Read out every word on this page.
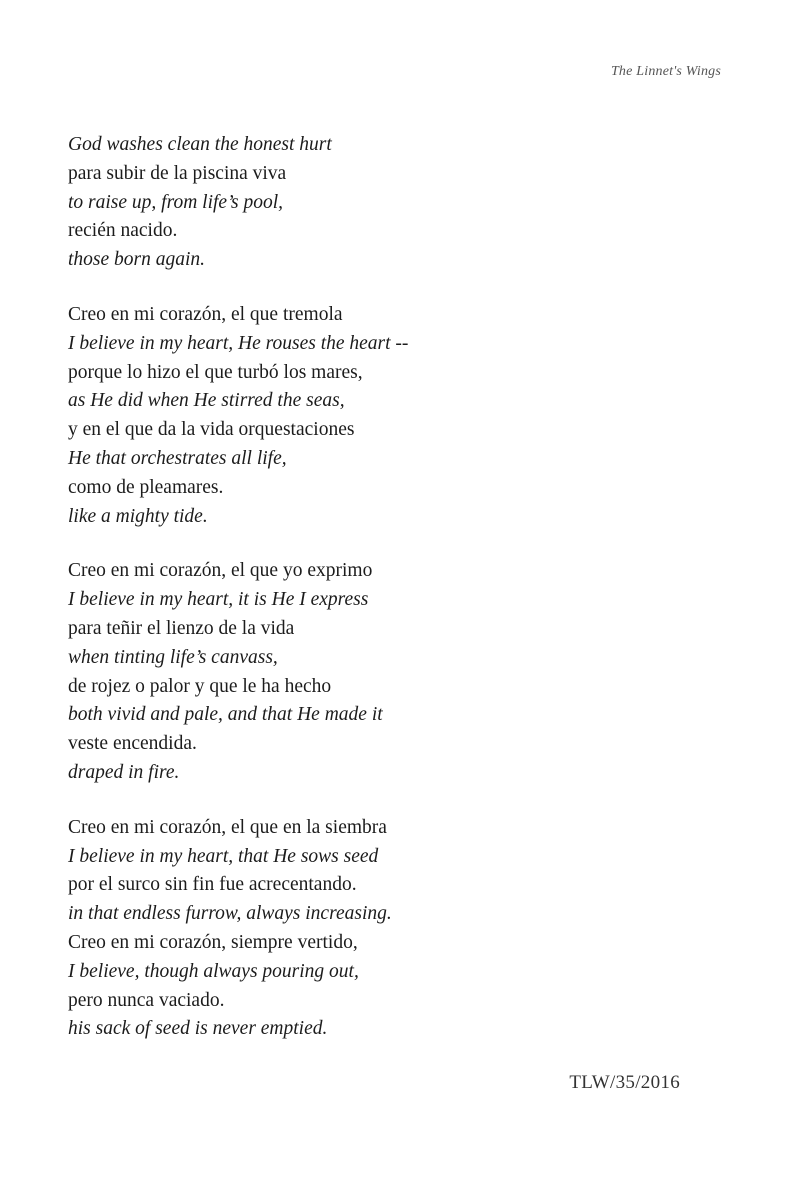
The Linnet's Wings
God washes clean the honest hurt
para subir de la piscina viva
to raise up, from life’s pool,
recién nacido.
those born again.
Creo en mi corazón, el que tremola
I believe in my heart, He rouses the heart --
porque lo hizo el que turbó los mares,
as He did when He stirred the seas,
y en el que da la vida orquestaciones
He that orchestrates all life,
como de pleamares.
like a mighty tide.
Creo en mi corazón, el que yo exprimo
I believe in my heart, it is He I express
para teñir el lienzo de la vida
when tinting life’s canvass,
de rojez o palor y que le ha hecho
both vivid and pale, and that He made it
veste encendida.
draped in fire.
Creo en mi corazón, el que en la siembra
I believe in my heart, that He sows seed
por el surco sin fin fue acrecentando.
in that endless furrow, always increasing.
Creo en mi corazón, siempre vertido,
I believe, though always pouring out,
pero nunca vaciado.
his sack of seed is never emptied.
TLW/35/2016
